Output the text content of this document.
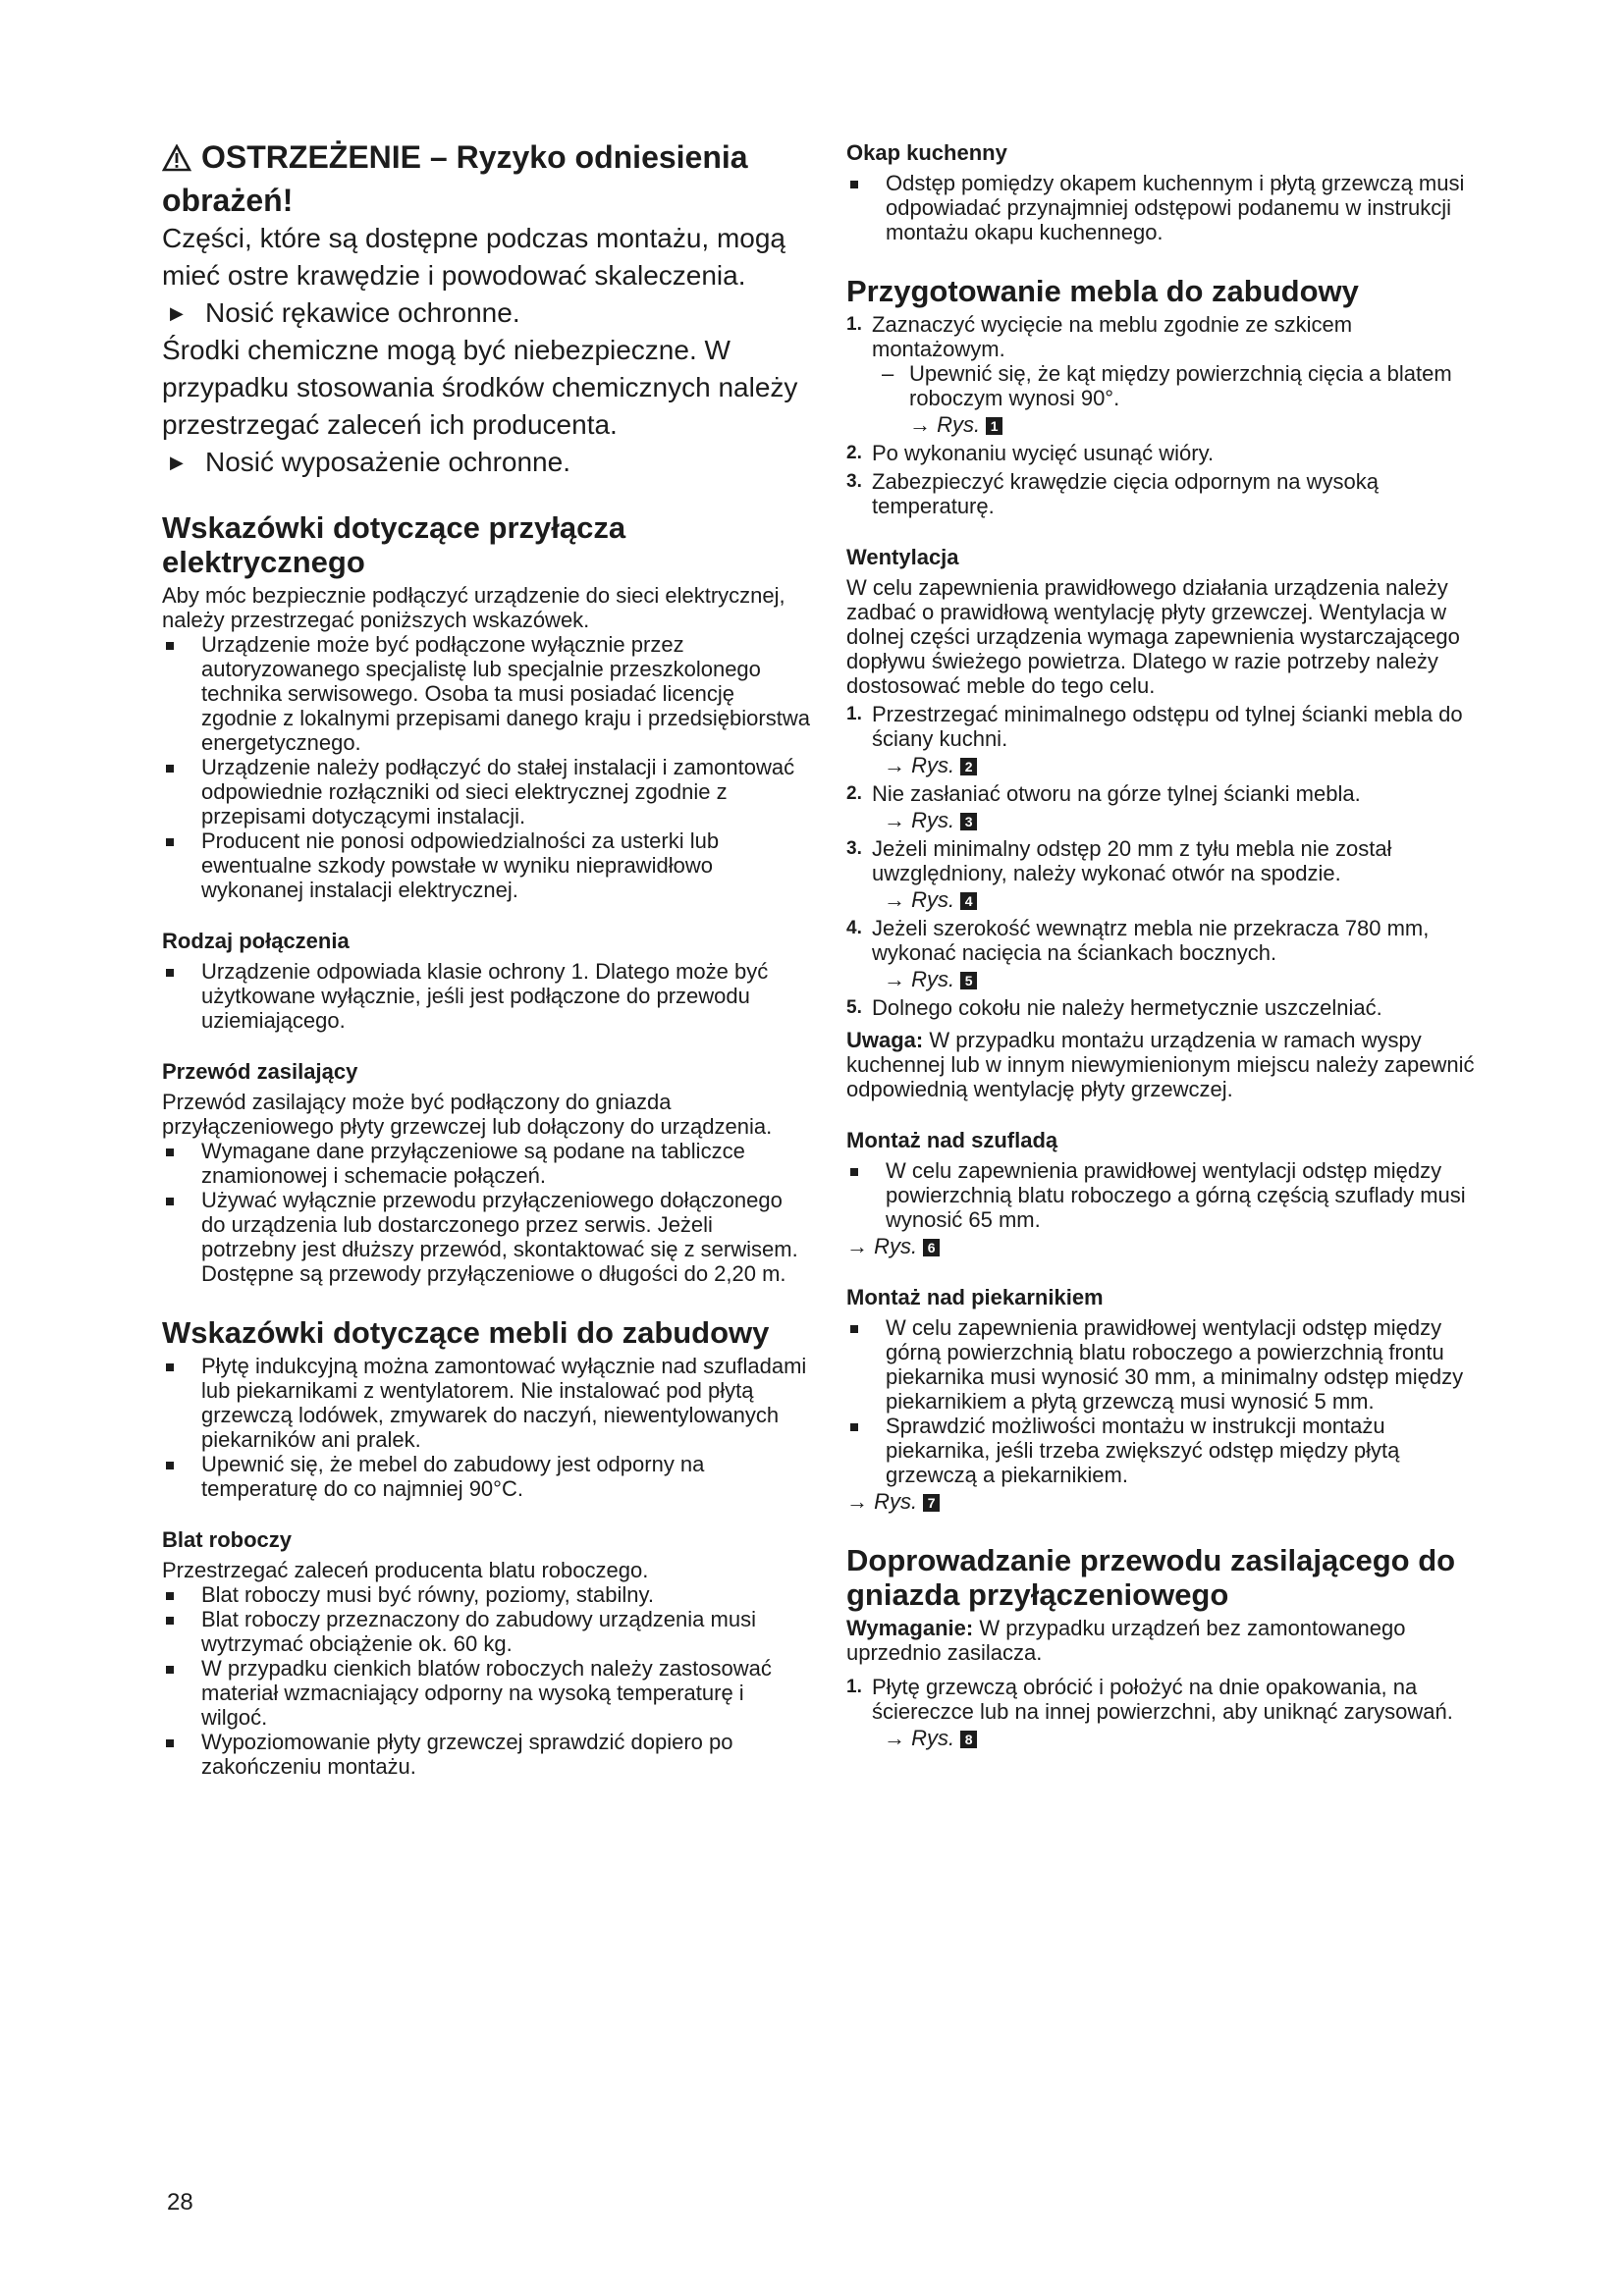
OSTRZEŻENIE – Ryzyko odniesienia obrażeń!

Części, które są dostępne podczas montażu, mogą mieć ostre krawędzie i powodować skaleczenia.

▶ Nosić rękawice ochronne.

Środki chemiczne mogą być niebezpieczne. W przypadku stosowania środków chemicznych należy przestrzegać zaleceń ich producenta.

▶ Nosić wyposażenie ochronne.

Wskazówki dotyczące przyłącza elektrycznego

Aby móc bezpiecznie podłączyć urządzenie do sieci elektrycznej, należy przestrzegać poniższych wskazówek.

Urządzenie może być podłączone wyłącznie przez autoryzowanego specjalistę lub specjalnie przeszkolonego technika serwisowego. Osoba ta musi posiadać licencję zgodnie z lokalnymi przepisami danego kraju i przedsiębiorstwa energetycznego.
Urządzenie należy podłączyć do stałej instalacji i zamontować odpowiednie rozłączniki od sieci elektrycznej zgodnie z przepisami dotyczącymi instalacji.
Producent nie ponosi odpowiedzialności za usterki lub ewentualne szkody powstałe w wyniku nieprawidłowo wykonanej instalacji elektrycznej.
Rodzaj połączenia
Urządzenie odpowiada klasie ochrony 1. Dlatego może być użytkowane wyłącznie, jeśli jest podłączone do przewodu uziemiającego.
Przewód zasilający

Przewód zasilający może być podłączony do gniazda przyłączeniowego płyty grzewczej lub dołączony do urządzenia.

Wymagane dane przyłączeniowe są podane na tabliczce znamionowej i schemacie połączeń.
Używać wyłącznie przewodu przyłączeniowego dołączonego do urządzenia lub dostarczonego przez serwis. Jeżeli potrzebny jest dłuższy przewód, skontaktować się z serwisem. Dostępne są przewody przyłączeniowe o długości do 2,20 m.
Wskazówki dotyczące mebli do zabudowy
Płytę indukcyjną można zamontować wyłącznie nad szufladami lub piekarnikami z wentylatorem. Nie instalować pod płytą grzewczą lodówek, zmywarek do naczyń, niewentylowanych piekarników ani pralek.
Upewnić się, że mebel do zabudowy jest odporny na temperaturę do co najmniej 90°C.
Blat roboczy

Przestrzegać zaleceń producenta blatu roboczego.

Blat roboczy musi być równy, poziomy, stabilny.
Blat roboczy przeznaczony do zabudowy urządzenia musi wytrzymać obciążenie ok. 60 kg.
W przypadku cienkich blatów roboczych należy zastosować materiał wzmacniający odporny na wysoką temperaturę i wilgoć.
Wypoziomowanie płyty grzewczej sprawdzić dopiero po zakończeniu montażu.
Okap kuchenny
Odstęp pomiędzy okapem kuchennym i płytą grzewczą musi odpowiadać przynajmniej odstępowi podanemu w instrukcji montażu okapu kuchennego.
Przygotowanie mebla do zabudowy
1. Zaznaczyć wycięcie na meblu zgodnie ze szkicem montażowym.
– Upewnić się, że kąt między powierzchnią cięcia a blatem roboczym wynosi 90°.
→ Rys. 1
2. Po wykonaniu wycięć usunąć wióry.
3. Zabezpieczyć krawędzie cięcia odpornym na wysoką temperaturę.
Wentylacja

W celu zapewnienia prawidłowego działania urządzenia należy zadbać o prawidłową wentylację płyty grzewczej. Wentylacja w dolnej części urządzenia wymaga zapewnienia wystarczającego dopływu świeżego powietrza. Dlatego w razie potrzeby należy dostosować meble do tego celu.

1. Przestrzegać minimalnego odstępu od tylnej ścianki mebla do ściany kuchni.
→ Rys. 2
2. Nie zasłaniać otworu na górze tylnej ścianki mebla.
→ Rys. 3
3. Jeżeli minimalny odstęp 20 mm z tyłu mebla nie został uwzględniony, należy wykonać otwór na spodzie.
→ Rys. 4
4. Jeżeli szerokość wewnątrz mebla nie przekracza 780 mm, wykonać nacięcia na ściankach bocznych.
→ Rys. 5
5. Dolnego cokołu nie należy hermetycznie uszczelniać.

Uwaga: W przypadku montażu urządzenia w ramach wyspy kuchennej lub w innym niewymienionym miejscu należy zapewnić odpowiednią wentylację płyty grzewczej.

Montaż nad szufladą
W celu zapewnienia prawidłowej wentylacji odstęp między powierzchnią blatu roboczego a górną częścią szuflady musi wynosić 65 mm.
→ Rys. 6
Montaż nad piekarnikiem
W celu zapewnienia prawidłowej wentylacji odstęp między górną powierzchnią blatu roboczego a powierzchnią frontu piekarnika musi wynosić 30 mm, a minimalny odstęp między piekarnikiem a płytą grzewczą musi wynosić 5 mm.
Sprawdzić możliwości montażu w instrukcji montażu piekarnika, jeśli trzeba zwiększyć odstęp między płytą grzewczą a piekarnikiem.
→ Rys. 7
Doprowadzanie przewodu zasilającego do gniazda przyłączeniowego

Wymaganie: W przypadku urządzeń bez zamontowanego uprzednio zasilacza.

1. Płytę grzewczą obrócić i położyć na dnie opakowania, na ściereczce lub na innej powierzchni, aby uniknąć zarysowań.
→ Rys. 8
28
